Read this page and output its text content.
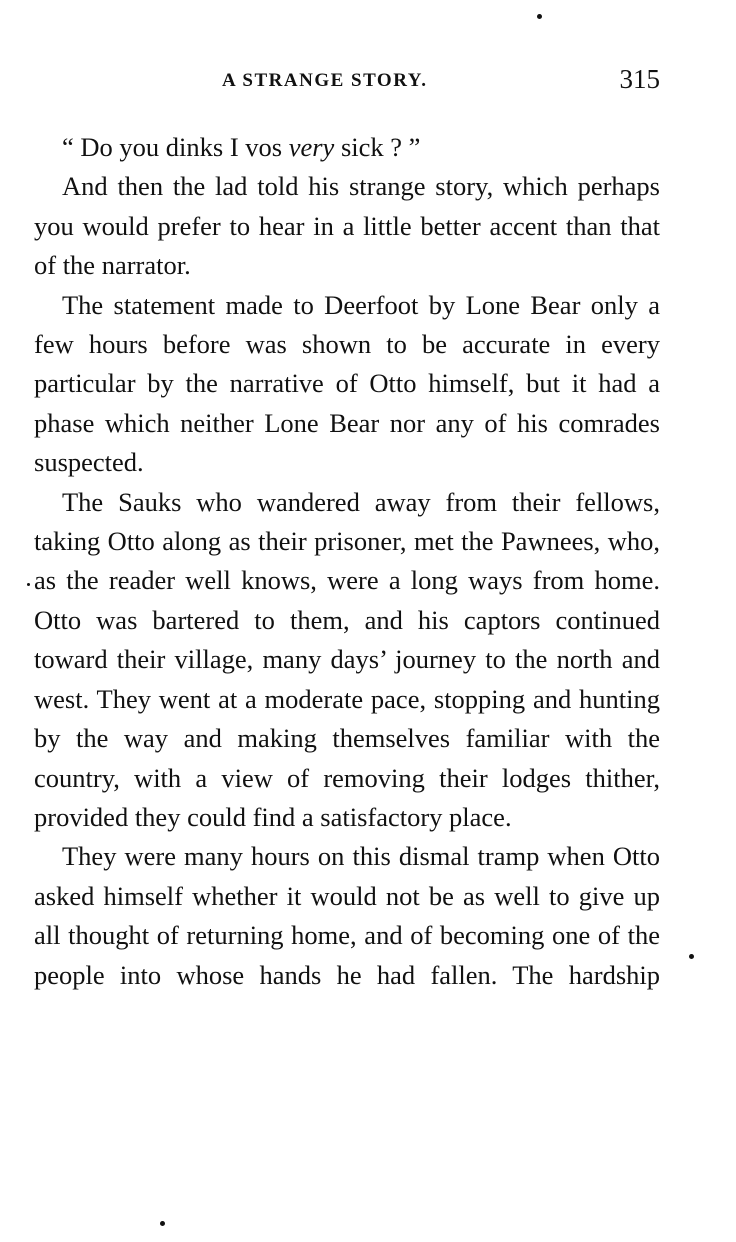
A STRANGE STORY.	315

“ Do you dinks I vos very sick ? ”

And then the lad told his strange story, which perhaps you would prefer to hear in a little better accent than that of the narrator.

The statement made to Deerfoot by Lone Bear only a few hours before was shown to be accurate in every particular by the narrative of Otto himself, but it had a phase which neither Lone Bear nor any of his comrades suspected.

The Sauks who wandered away from their fellows, taking Otto along as their prisoner, met the Pawnees, who, as the reader well knows, were a long ways from home. Otto was bartered to them, and his captors continued toward their village, many days’ journey to the north and west. They went at a moderate pace, stopping and hunting by the way and making themselves familiar with the country, with a view of removing their lodges thither, provided they could find a satisfactory place.

They were many hours on this dismal tramp when Otto asked himself whether it would not be as well to give up all thought of returning home, and of becoming one of the people into whose hands he had fallen. The hardship
